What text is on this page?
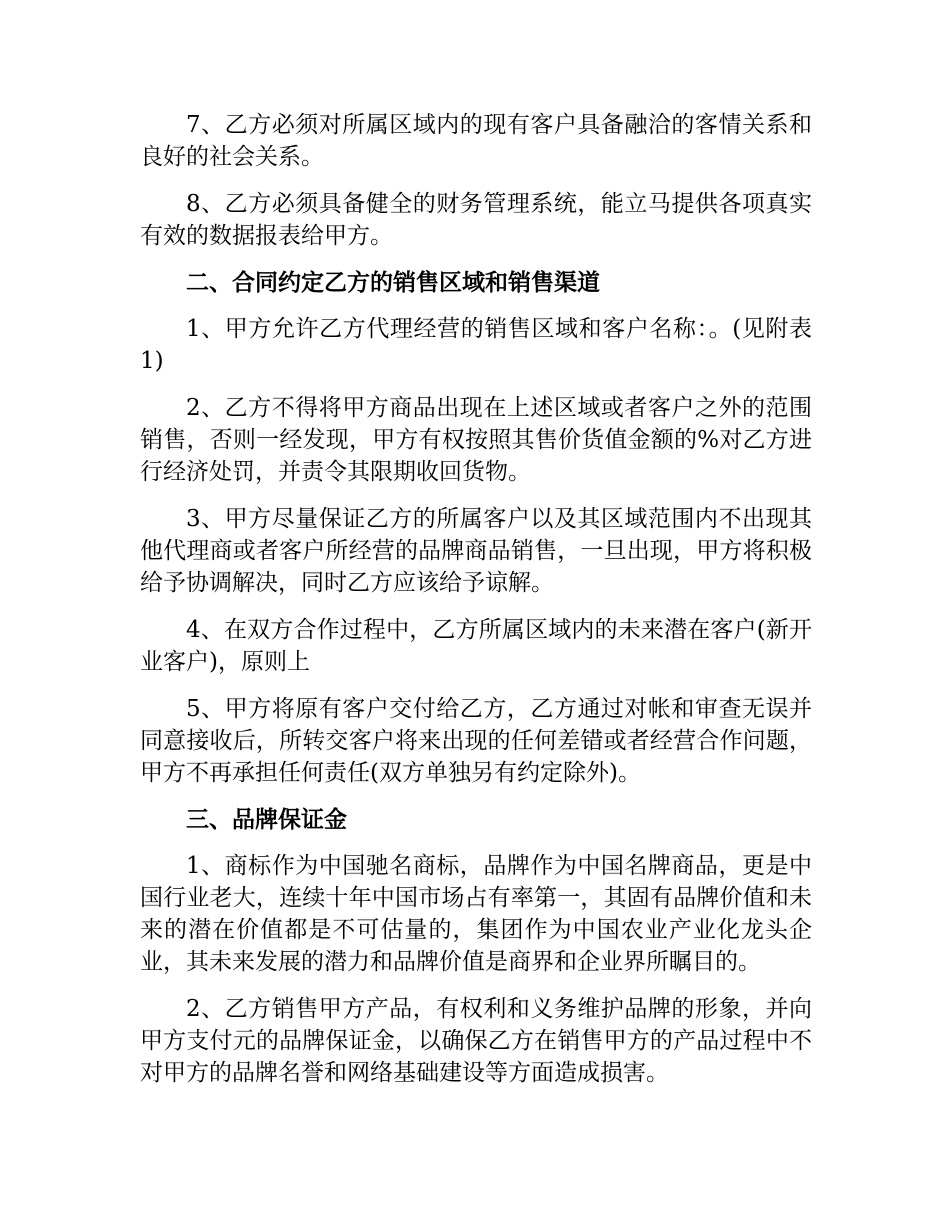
7、乙方必须对所属区域内的现有客户具备融洽的客情关系和良好的社会关系。

8、乙方必须具备健全的财务管理系统，能立马提供各项真实有效的数据报表给甲方。

二、合同约定乙方的销售区域和销售渠道

1、甲方允许乙方代理经营的销售区域和客户名称：。(见附表1)

2、乙方不得将甲方商品出现在上述区域或者客户之外的范围销售，否则一经发现，甲方有权按照其售价货值金额的%对乙方进行经济处罚，并责令其限期收回货物。

3、甲方尽量保证乙方的所属客户以及其区域范围内不出现其他代理商或者客户所经营的品牌商品销售，一旦出现，甲方将积极给予协调解决，同时乙方应该给予谅解。

4、在双方合作过程中，乙方所属区域内的未来潜在客户(新开业客户)，原则上

5、甲方将原有客户交付给乙方，乙方通过对帐和审查无误并同意接收后，所转交客户将来出现的任何差错或者经营合作问题，甲方不再承担任何责任(双方单独另有约定除外)。

三、品牌保证金

1、商标作为中国驰名商标，品牌作为中国名牌商品，更是中国行业老大，连续十年中国市场占有率第一，其固有品牌价值和未来的潜在价值都是不可估量的，集团作为中国农业产业化龙头企业，其未来发展的潜力和品牌价值是商界和企业界所瞩目的。

2、乙方销售甲方产品，有权利和义务维护品牌的形象，并向甲方支付元的品牌保证金，以确保乙方在销售甲方的产品过程中不对甲方的品牌名誉和网络基础建设等方面造成损害。
